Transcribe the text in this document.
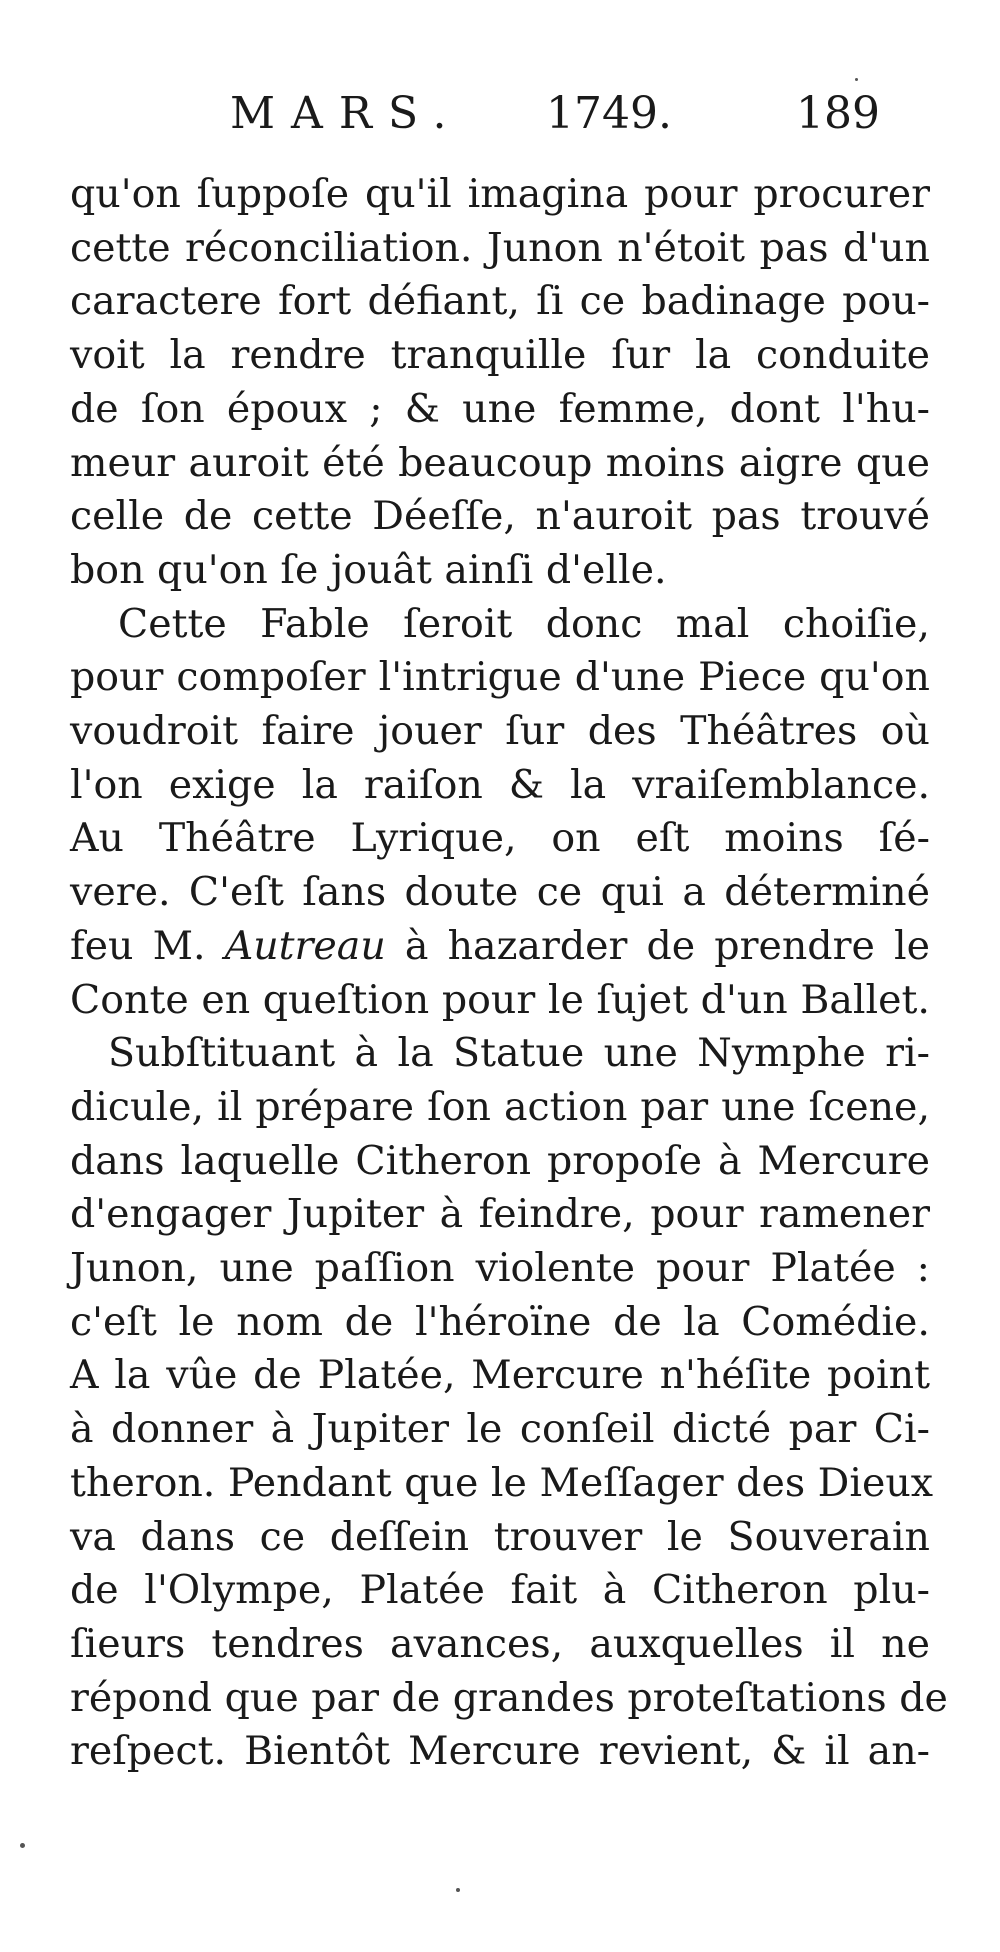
MARS. 1749.	189
qu'on ſuppoſe qu'il imagina pour procurer
cette réconciliation. Junon n'étoit pas d'un
caractere fort défiant, ſi ce badinage pou-
voit la rendre tranquille ſur la conduite
de ſon époux ; & une femme, dont l'hu-
meur auroit été beaucoup moins aigre que
celle de cette Déeſſe, n'auroit pas trouvé
bon qu'on ſe jouât ainſi d'elle.
Cette Fable ſeroit donc mal choiſie,
pour compoſer l'intrigue d'une Piece qu'on
voudroit faire jouer ſur des Théâtres où
l'on exige la raiſon & la vraiſemblance.
Au Théâtre Lyrique, on eſt moins ſé-
vere. C'eſt ſans doute ce qui a déterminé
feu M. Autreau à hazarder de prendre le
Conte en queſtion pour le ſujet d'un Ballet.
Subſtituant à la Statue une Nymphe ri-
dicule, il prépare ſon action par une ſcene,
dans laquelle Citheron propoſe à Mercure
d'engager Jupiter à feindre, pour ramener
Junon, une paſſion violente pour Platée :
c'eſt le nom de l'héroïne de la Comédie.
A la vûe de Platée, Mercure n'héſite point
à donner à Jupiter le conſeil dicté par Ci-
theron. Pendant que le Meſſager des Dieux
va dans ce deſſein trouver le Souverain
de l'Olympe, Platée fait à Citheron plu-
ſieurs tendres avances, auxquelles il ne
répond que par de grandes proteſtations de
reſpect. Bientôt Mercure revient, & il an-
